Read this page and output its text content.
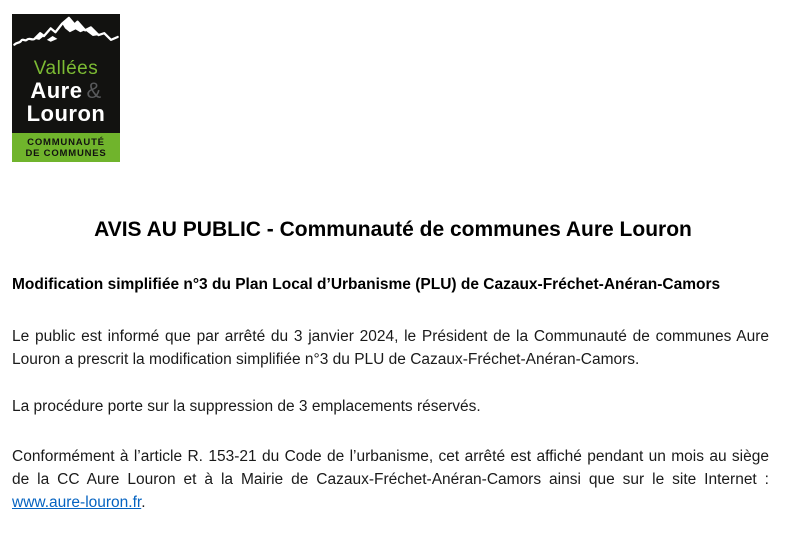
Vallées
Aure &
Louron
COMMUNAUTÉ
DE COMMUNES
AVIS AU PUBLIC - Communauté de communes Aure Louron

Modification simplifiée n°3 du Plan Local d’Urbanisme (PLU) de Cazaux-Fréchet-Anéran-Camors

Le public est informé que par arrêté du 3 janvier 2024, le Président de la Communauté de communes Aure Louron a prescrit la modification simplifiée n°3 du PLU de Cazaux-Fréchet-Anéran-Camors.

La procédure porte sur la suppression de 3 emplacements réservés.

Conformément à l’article R. 153-21 du Code de l’urbanisme, cet arrêté est affiché pendant un mois au siège de la CC Aure Louron et à la Mairie de Cazaux-Fréchet-Anéran-Camors ainsi que sur le site Internet : www.aure-louron.fr.
